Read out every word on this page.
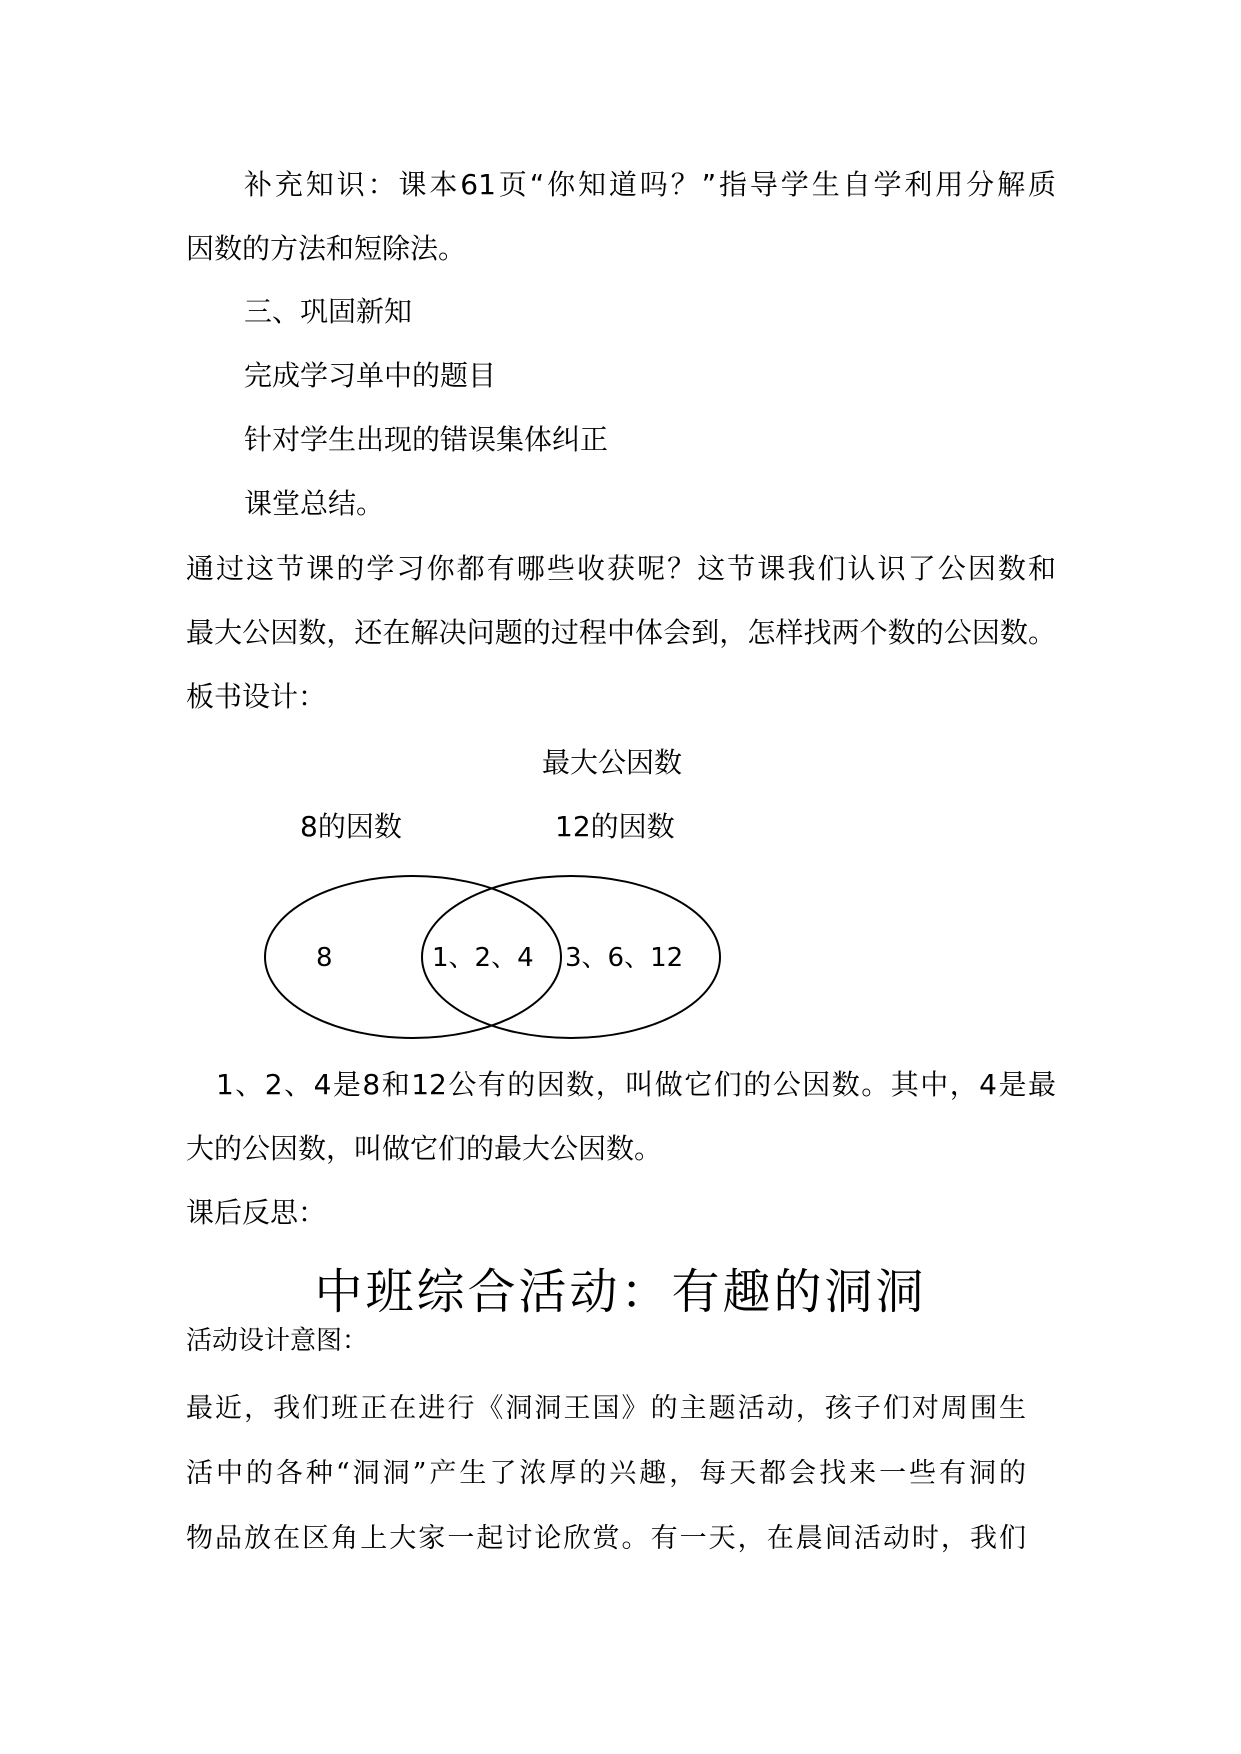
补充知识：课本61页“你知道吗？”指导学生自学利用分解质
因数的方法和短除法。
三、巩固新知
完成学习单中的题目
针对学生出现的错误集体纠正
课堂总结。
通过这节课的学习你都有哪些收获呢？这节课我们认识了公因数和
最大公因数，还在解决问题的过程中体会到，怎样找两个数的公因数。
板书设计：
最大公因数
8的因数	12的因数
8	1、2、4 3、6、12
1、2、4是8和12公有的因数，叫做它们的公因数。其中，4是最
大的公因数，叫做它们的最大公因数。
课后反思：
中班综合活动：有趣的洞洞
活动设计意图：
最近，我们班正在进行《洞洞王国》的主题活动，孩子们对周围生
活中的各种“洞洞”产生了浓厚的兴趣，每天都会找来一些有洞的
物品放在区角上大家一起讨论欣赏。有一天，在晨间活动时，我们
